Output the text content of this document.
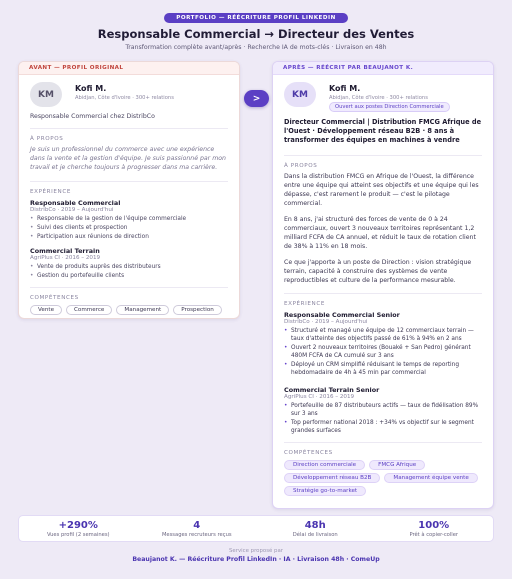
PORTFOLIO — RÉÉCRITURE PROFIL LINKEDIN
Responsable Commercial → Directeur des Ventes
Transformation complète avant/après · Recherche IA de mots-clés · Livraison en 48h
AVANT — PROFIL ORIGINAL
KM
Kofi M.
Abidjan, Côte d'Ivoire · 300+ relations
Responsable Commercial chez DistribCo
À PROPOS
Je suis un professionnel du commerce avec une expérience dans la vente et la gestion d'équipe. Je suis passionné par mon travail et je cherche toujours à progresser dans ma carrière.
EXPÉRIENCE
Responsable Commercial
DistribCo · 2019 – Aujourd'hui
• Responsable de la gestion de l'équipe commerciale
• Suivi des clients et prospection
• Participation aux réunions de direction
Commercial Terrain
AgriPlus CI · 2016 – 2019
• Vente de produits auprès des distributeurs
• Gestion du portefeuille clients
COMPÉTENCES
Vente	Commerce	Management	Prospection
>
APRÈS — RÉÉCRIT PAR BEAUJANOT K.
KM
Kofi M.
Abidjan, Côte d'Ivoire · 300+ relations
Ouvert aux postes Direction Commerciale
Directeur Commercial | Distribution FMCG Afrique de l'Ouest · Développement réseau B2B · 8 ans à transformer des équipes en machines à vendre
À PROPOS
Dans la distribution FMCG en Afrique de l'Ouest, la différence entre une équipe qui atteint ses objectifs et une équipe qui les dépasse, c'est rarement le produit — c'est le pilotage commercial.
En 8 ans, j'ai structuré des forces de vente de 0 à 24 commerciaux, ouvert 3 nouveaux territoires représentant 1,2 milliard FCFA de CA annuel, et réduit le taux de rotation client de 38% à 11% en 18 mois.
Ce que j'apporte à un poste de Direction : vision stratégique terrain, capacité à construire des systèmes de vente reproductibles et culture de la performance mesurable.
EXPÉRIENCE
Responsable Commercial Senior
DistribCo · 2019 – Aujourd'hui
• Structuré et managé une équipe de 12 commerciaux terrain — taux d'atteinte des objectifs passé de 61% à 94% en 2 ans
• Ouvert 2 nouveaux territoires (Bouaké + San Pedro) générant 480M FCFA de CA cumulé sur 3 ans
• Déployé un CRM simplifié réduisant le temps de reporting hebdomadaire de 4h à 45 min par commercial
Commercial Terrain Senior
AgriPlus CI · 2016 – 2019
• Portefeuille de 87 distributeurs actifs — taux de fidélisation 89% sur 3 ans
• Top performer national 2018 : +34% vs objectif sur le segment grandes surfaces
COMPÉTENCES
Direction commerciale	FMCG Afrique
Développement réseau B2B	Management équipe vente
Stratégie go-to-market
+290%
Vues profil (2 semaines)
4
Messages recruteurs reçus
48h
Délai de livraison
100%
Prêt à copier-coller
Service proposé par
Beaujanot K. — Réécriture Profil LinkedIn · IA · Livraison 48h · ComeUp
